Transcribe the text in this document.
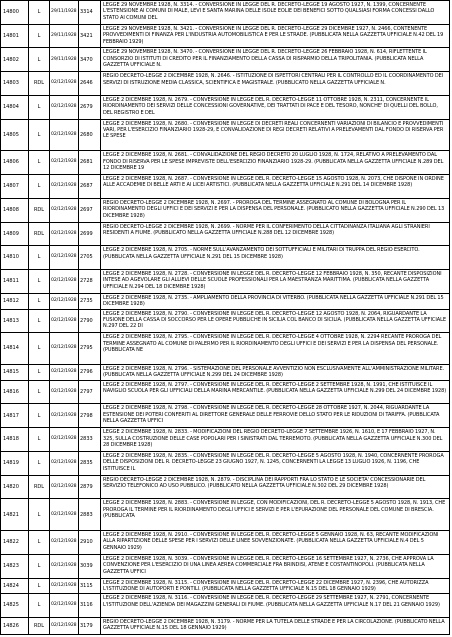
14800	L	29/11/1928 3314
LEGGE 29 NOVEMBRE 1928, N. 3314. - CONVERSIONE IN LEGGE DEL R. DECRETO-LEGGE 19 AGOSTO 1927, N. 1399, CONCERNENTE L'ESTENSIONE AI COMUNI DI MALE, LEVI E SANTA MARINA DELLE ISOLE EOLIE DEI BENEFICI SOTTO QUALSIASI FORMA CONCESSI DALLO STATO AI COMUNI DEL
14801	L	29/11/1928 3421
LEGGE 29 NOVEMBRE 1928, N. 3421. - CONVERSIONE IN LEGGE DEL R. DECRETO-LEGGE 29 DICEMBRE 1927, N. 2466, CONTENENTE PROVVEDIMENTI DI FINANZA PER L'INDUSTRIA AUTOMOBILISTICA E PER LE STRADE. (PUBBLICATA NELLA GAZZETTA UFFICIALE N.42 DEL 19 FEBBRAIO 1929)
14802	L	29/11/1928 3470
LEGGE 29 NOVEMBRE 1928, N. 3470. - CONVERSIONE IN LEGGE DEL R. DECRETO-LEGGE 26 FEBBRAIO 1928, N. 614, RIFLETTENTE IL CONSORZIO DI ISTITUTI DI CREDITO PER IL FINANZIAMENTO DELLA CASSA DI RISPARMIO DELLA TRIPOLITANIA. (PUBBLICATA NELLA GAZZETTA UFFICIALE N.
14803	RDL	02/12/1928 2646
REGIO DECRETO-LEGGE 2 DICEMBRE 1928, N. 2646. - ISTITUZIONE DI ISPETTORI CENTRALI PER IL CONTROLLO ED IL COORDINAMENTO DEI SERVIZI DI ISTRUZIONE MEDIA CLASSICA, SCIENTIFICA E MAGISTRALE. (PUBBLICATO NELLA GAZZETTA UFFICIALE N.
14804	L	02/12/1928 2679
LEGGE 2 DICEMBRE 1928, N. 2679. - CONVERSIONE IN LEGGE DEL R. DECRETO-LEGGE 11 OTTOBRE 1928, N. 2311, CONCERNENTE IL RIORDINAMENTO DEI SERVIZI DELLE CONCESSIONI GOVERNATIVE, DEI TRATTATI DI PACE E DEL TESORO, NONCHE' DI QUELLI DEL BOLLO, DEL REGISTRO E DEL
14805	L	02/12/1928 2680
LEGGE 2 DICEMBRE 1928, N. 2680. - CONVERSIONE IN LEGGE DI DECRETI REALI CONCERNENTI VARIAZIONI DI BILANCIO E PROVVEDIMENTI VARI, PER L'ESERCIZIO FINANZIARIO 1928-29, E CONVALIDAZIONE DI REGI DECRETI RELATIVI A PRELEVAMENTI DAL FONDO DI RISERVA PER LE SPESE
14806	L	02/12/1928 2681
LEGGE 2 DICEMBRE 1928, N. 2681. - CONVALIDAZIONE DEL REGIO DECRETO 20 LUGLIO 1928, N. 1724, RELATIVO A PRELEVAMENTO DAL FONDO DI RISERVA PER LE SPESE IMPREVISTE DELL'ESERCIZIO FINANZIARIO 1928-29. (PUBBLICATA NELLA GAZZETTA UFFICIALE N.289 DEL 12 DICEMBRE 19
14807	L	02/12/1928 2687
LEGGE 2 DICEMBRE 1928, N. 2687. - CONVERSIONE IN LEGGE DEL R. DECRETO-LEGGE 15 AGOSTO 1928, N. 2073, CHE DISPONE IN ORDINE ALLE ACCADEMIE DI BELLE ARTI E AI LICEI ARTISTICI. (PUBBLICATA NELLA GAZZETTA UFFICIALE N.291 DEL 14 DICEMBRE 1928)
14808	RDL	02/12/1928 2697
REGIO DECRETO-LEGGE 2 DICEMBRE 1928, N. 2697. - PROROGA DEL TERMINE ASSEGNATO AL COMUNE DI BOLOGNA PER IL RIORDINAMENTO DEGLI UFFICI E DEI SERVIZI E PER LA DISPENSA DEL PERSONALE. (PUBBLICATO NELLA GAZZETTA UFFICIALE N.290 DEL 13 DICEMBRE 1928)
14809	RDL	02/12/1928 2699
REGIO DECRETO-LEGGE 2 DICEMBRE 1928, N. 2699. - NORME PER IL CONFERIMENTO DELLA CITTADINANZA ITALIANA AGLI STRANIERI RESIDENTI A FIUME. (PUBBLICATO NELLA GAZZETTA UFFICIALE N.288 DEL 12 DICEMBRE 1928)
14810	L	02/12/1928 2705
LEGGE 2 DICEMBRE 1928, N. 2705. - NORME SULL'AVANZAMENTO DEI SOTTUFFICIALI E MILITARI DI TRUPPA DEL REGIO ESERCITO. (PUBBLICATA NELLA GAZZETTA UFFICIALE N.291 DEL 15 DICEMBRE 1928)
14811	L	02/12/1928 2728
LEGGE 2 DICEMBRE 1928, N. 2728. - CONVERSIONE IN LEGGE DEL R. DECRETO-LEGGE 12 FEBBRAIO 1928, N. 350, RECANTE DISPOSIZIONI INTESE AD AGEVOLARE GLI ALLIEVI DELLE SCUOLE PROFESSIONALI PER LA MAESTRANZA MARITTIMA. (PUBBLICATA NELLA GAZZETTA UFFICIALE N.294 DEL 18 DICEMBRE 1928)
14812	L	02/12/1928 2735
LEGGE 2 DICEMBRE 1928, N. 2735. - AMPLIAMENTO DELLA PROVINCIA DI VITERBO. (PUBBLICATA NELLA GAZZETTA UFFICIALE N.291 DEL 15 DICEMBRE 1928)
14813	L	02/12/1928 2790
LEGGE 2 DICEMBRE 1928, N. 2790. - CONVERSIONE IN LEGGE DEL R. DECRETO-LEGGE 12 AGOSTO 1928, N. 2064, RIGUARDANTE LA FUSIONE DELLA CASSA DI SOCCORSO PER LE OPERE PUBBLICHE IN SICILIA COL BANCO DI SICILIA. (PUBBLICATA NELLA GAZZETTA UFFICIALE N.297 DEL 22 DI
14814	L	02/12/1928 2795
LEGGE 2 DICEMBRE 1928, N. 2795. - CONVERSIONE IN LEGGE DEL R. DECRETO-LEGGE 4 OTTOBRE 1928, N. 2294 RECANTE PROROGA DEL TERMINE ASSEGNATO AL COMUNE DI PALERMO PER IL RIORDINAMENTO DEGLI UFFICI E DEI SERVIZI E PER LA DISPENSA DEL PERSONALE. (PUBBLICATA NE
14815	L	02/12/1928 2796
LEGGE 2 DICEMBRE 1928, N. 2796. - SISTEMAZIONE DEL PERSONALE AVVENTIZIO NON ESCLUSIVAMENTE ALL'AMMINISTRAZIONE MILITARE. (PUBBLICATA NELLA GAZZETTA UFFICIALE N.299 DEL 24 DICEMBRE 1928)
14816	L	02/12/1928 2797
LEGGE 2 DICEMBRE 1928, N. 2797. - CONVERSIONE IN LEGGE DEL R. DECRETO-LEGGE 2 SETTEMBRE 1928, N. 1991, CHE ISTITUISCE IL NAVIGLIO SCUOLA PER GLI UFFICIALI DELLA MARINA MERCANTILE. (PUBBLICATA NELLA GAZZETTA UFFICIALE N.299 DEL 24 DICEMBRE 1928)
14817	L	02/12/1928 2798
LEGGE 2 DICEMBRE 1928, N. 2798. - CONVERSIONE IN LEGGE DEL R. DECRETO-LEGGE 28 OTTOBRE 1927, N. 2044, RIGUARDANTE LA ESTENSIONE DEI POTERI CONFERITI AL DIRETTORE GENERALE DELLE FERROVIE DELLO STATO PER LE RIDUZIONI DI TARIFFA. (PUBBLICATA NELLA GAZZETTA UFFICI
14818	L	02/12/1928 2833
LEGGE 2 DICEMBRE 1928, N. 2833. - MODIFICAZIONI DEL REGIO DECRETO-LEGGE 7 SETTEMBRE 1926, N. 1610, E 17 FEBBRAIO 1927, N. 325, SULLA COSTRUZIONE DELLE CASE POPOLARI PER I SINISTRATI DAL TERREMOTO. (PUBBLICATA NELLA GAZZETTA UFFICIALE N.300 DEL 28 DICEMBRE 1928)
14819	L	02/12/1928 2835
LEGGE 2 DICEMBRE 1928, N. 2835. - CONVERSIONE IN LEGGE DEL R. DECRETO-LEGGE 5 AGOSTO 1928, N. 1940, CONCERNENTE PROROGA DELLE DISPOSIZIONI DEL R. DECRETO-LEGGE 23 GIUGNO 1927, N. 1245, CONCERNENTI LA LEGGE 13 LUGLIO 1926, N. 1196, CHE ISTITUISCE IL
14820	RDL	02/12/1928 2879
REGIO DECRETO-LEGGE 2 DICEMBRE 1928, N. 2879. - DISCIPLINA DEI RAPPORTI FRA LO STATO E LE SOCIETA' CONCESSIONARIE DEL SERVIZIO TELEFONICO AD USO PUBBLICO. (PUBBLICATO NELLA GAZZETTA UFFICIALE N.302 DEL 29 DICEMBRE 1928)
14821	L	02/12/1928 2883
LEGGE 2 DICEMBRE 1928, N. 2883. - CONVERSIONE IN LEGGE, CON MODIFICAZIONI, DEL R. DECRETO-LEGGE 5 AGOSTO 1928, N. 1913, CHE PROROGA IL TERMINE PER IL RIORDINAMENTO DEGLI UFFICI E SERVIZI E PER L'EPURAZIONE DEL PERSONALE DEL COMUNE DI BRESCIA. (PUBBLICATA
14822	L	02/12/1928 2910
LEGGE 2 DICEMBRE 1928, N. 2910. - CONVERSIONE IN LEGGE DEL R. DECRETO-LEGGE 5 GENNAIO 1928, N. 63, RECANTE MODIFICAZIONI ALLA RIPARTIZIONE DELLE SPESE PER I SERVIZI DELLE LINEE SOVVENZIONATE. (PUBBLICATA NELLA GAZZETTA UFFICIALE N.4 DEL 5 GENNAIO 1929)
14823	L	02/12/1928 3039
LEGGE 2 DICEMBRE 1928, N. 3039. - CONVERSIONE IN LEGGE DEL R. DECRETO-LEGGE 16 SETTEMBRE 1927, N. 2736, CHE APPROVA LA CONVENZIONE PER L'ESERCIZIO DI UNA LINEA AEREA COMMERCIALE FRA BRINDISI, ATENE E COSTANTINOPOLI. (PUBBLICATA NELLA GAZZETTA UFFICI
14824	L	02/12/1928 3115
LEGGE 2 DICEMBRE 1928, N. 3115. - CONVERSIONE IN LEGGE DEL R. DECRETO-LEGGE 22 DICEMBRE 1927, N. 2396, CHE AUTORIZZA L'ISTITUZIONE DI AUTOPORTI E PONTILI. (PUBBLICATA NELLA GAZZETTA UFFICIALE N.15 DEL 18 GENNAIO 1929)
14825	L	02/12/1928 3116
LEGGE 2 DICEMBRE 1928, N. 3116. - CONVERSIONE IN LEGGE DEL R. DECRETO-LEGGE 29 SETTEMBRE 1927, N. 2791, CONCERNENTE L'ISTITUZIONE DELL'AZIENDA DEI MAGAZZINI GENERALI DI FIUME. (PUBBLICATA NELLA GAZZETTA UFFICIALE N.17 DEL 21 GENNAIO 1929)
14826	RDL	02/12/1928 3179
REGIO DECRETO-LEGGE 2 DICEMBRE 1928, N. 3179. - NORME PER LA TUTELA DELLE STRADE E PER LA CIRCOLAZIONE. (PUBBLICATO NELLA GAZZETTA UFFICIALE N.15 DEL 18 GENNAIO 1929)
